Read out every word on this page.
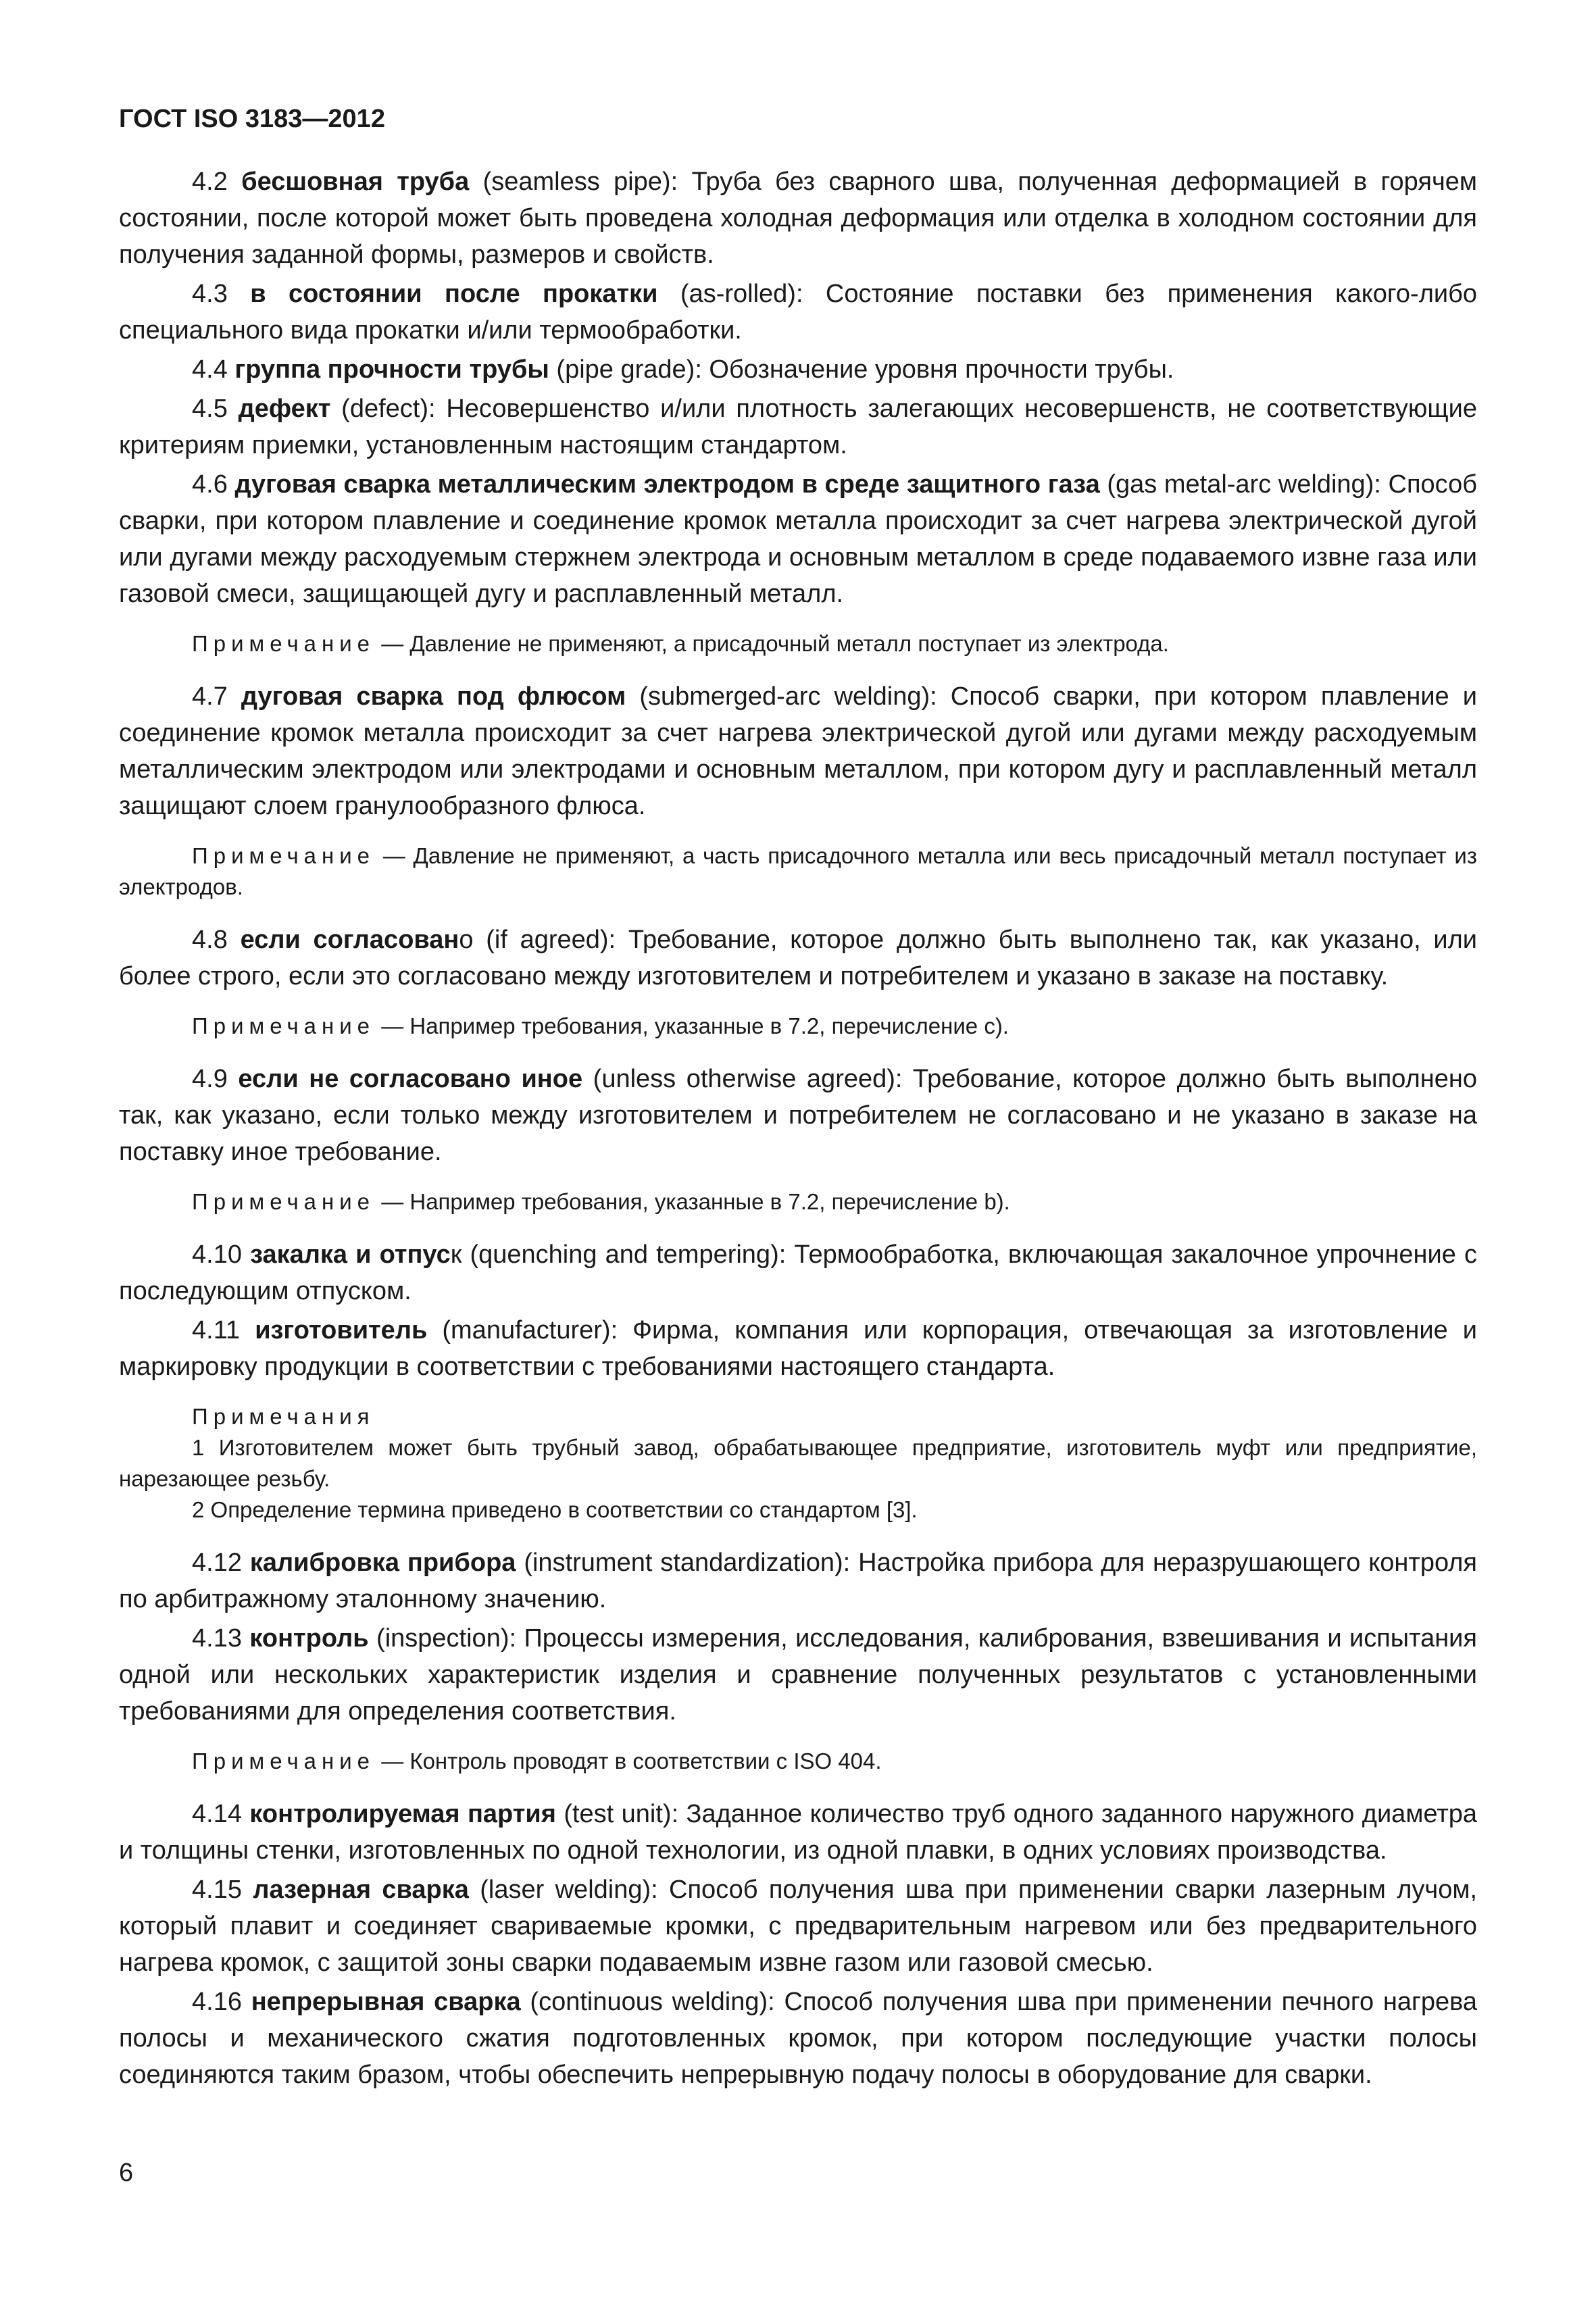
ГОСТ ISO 3183—2012

4.2 бесшовная труба (seamless pipe): Труба без сварного шва, полученная деформацией в горячем состоянии, после которой может быть проведена холодная деформация или отделка в холодном состоянии для получения заданной формы, размеров и свойств.

4.3 в состоянии после прокатки (as-rolled): Состояние поставки без применения какого-либо специального вида прокатки и/или термообработки.

4.4 группа прочности трубы (pipe grade): Обозначение уровня прочности трубы.

4.5 дефект (defect): Несовершенство и/или плотность залегающих несовершенств, не соответствующие критериям приемки, установленным настоящим стандартом.

4.6 дуговая сварка металлическим электродом в среде защитного газа (gas metal-arc welding): Способ сварки, при котором плавление и соединение кромок металла происходит за счет нагрева электрической дугой или дугами между расходуемым стержнем электрода и основным металлом в среде подаваемого извне газа или газовой смеси, защищающей дугу и расплавленный металл.

Примечание — Давление не применяют, а присадочный металл поступает из электрода.

4.7 дуговая сварка под флюсом (submerged-arc welding): Способ сварки, при котором плавление и соединение кромок металла происходит за счет нагрева электрической дугой или дугами между расходуемым металлическим электродом или электродами и основным металлом, при котором дугу и расплавленный металл защищают слоем гранулообразного флюса.

Примечание — Давление не применяют, а часть присадочного металла или весь присадочный металл поступает из электродов.

4.8 если согласовано (if agreed): Требование, которое должно быть выполнено так, как указано, или более строго, если это согласовано между изготовителем и потребителем и указано в заказе на поставку.

Примечание — Например требования, указанные в 7.2, перечисление c).

4.9 если не согласовано иное (unless otherwise agreed): Требование, которое должно быть выполнено так, как указано, если только между изготовителем и потребителем не согласовано и не указано в заказе на поставку иное требование.

Примечание — Например требования, указанные в 7.2, перечисление b).

4.10 закалка и отпуск (quenching and tempering): Термообработка, включающая закалочное упрочнение с последующим отпуском.

4.11 изготовитель (manufacturer): Фирма, компания или корпорация, отвечающая за изготовление и маркировку продукции в соответствии с требованиями настоящего стандарта.

Примечания
1 Изготовителем может быть трубный завод, обрабатывающее предприятие, изготовитель муфт или предприятие, нарезающее резьбу.
2 Определение термина приведено в соответствии со стандартом [3].

4.12 калибровка прибора (instrument standardization): Настройка прибора для неразрушающего контроля по арбитражному эталонному значению.

4.13 контроль (inspection): Процессы измерения, исследования, калибрования, взвешивания и испытания одной или нескольких характеристик изделия и сравнение полученных результатов с установленными требованиями для определения соответствия.

Примечание — Контроль проводят в соответствии с ISO 404.

4.14 контролируемая партия (test unit): Заданное количество труб одного заданного наружного диаметра и толщины стенки, изготовленных по одной технологии, из одной плавки, в одних условиях производства.

4.15 лазерная сварка (laser welding): Способ получения шва при применении сварки лазерным лучом, который плавит и соединяет свариваемые кромки, с предварительным нагревом или без предварительного нагрева кромок, с защитой зоны сварки подаваемым извне газом или газовой смесью.

4.16 непрерывная сварка (continuous welding): Способ получения шва при применении печного нагрева полосы и механического сжатия подготовленных кромок, при котором последующие участки полосы соединяются таким бразом, чтобы обеспечить непрерывную подачу полосы в оборудование для сварки.

6
